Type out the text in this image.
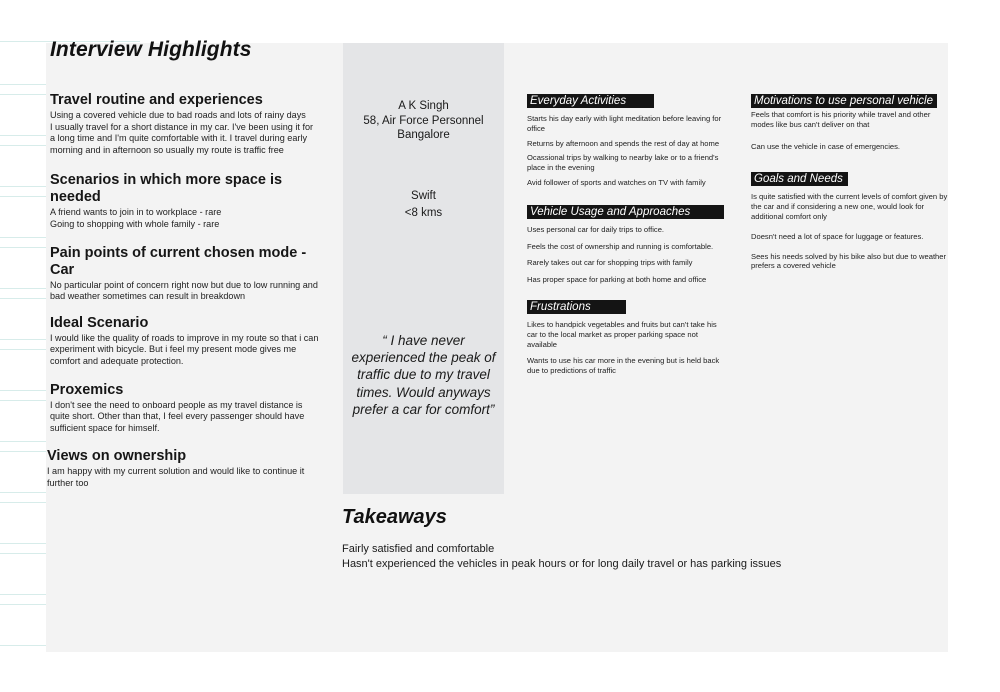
Interview Highlights
Travel routine and experiences

Using a covered vehicle due to bad roads and lots of rainy days

I usually travel for a short distance in my car. I've been using it for a long time and I'm quite comfortable with it. I travel during early morning and in afternoon so usually my route is traffic free

Scenarios in which more space is needed

A friend wants to join in to workplace - rare

Going to shopping with whole family - rare

Pain points of current chosen mode - Car

No particular point of concern right now but due to low running and bad weather sometimes can result in breakdown

Ideal Scenario

I would like the quality of roads to improve in my route so that i can experiment with bicycle. But i feel my present mode gives me comfort and adequate protection.

Proxemics

I don't see the need to onboard people as my travel distance is quite short. Other than that, I feel every passenger should have sufficient space for himself.

Views on ownership

I am happy with my current solution and would like to continue it further too

A K Singh
58, Air Force Personnel
Bangalore
Swift
<8 kms
“ I have never experienced the peak of traffic due to my travel times. Would anyways prefer a car for comfort”
Everyday Activities

Starts his day early with light meditation before leaving for office

Returns by afternoon and spends the rest of day at home

Ocassional trips by walking to nearby lake or to a friend's place in the evening

Avid follower of sports and watches on TV with family

Vehicle Usage and Approaches

Uses personal car for daily trips to office.

Feels the cost of ownership and running is comfortable.

Rarely takes out car for shopping trips with family

Has proper space for parking at both home and office

Frustrations

Likes to handpick vegetables and fruits but can't take his car to the local market as proper parking space not available

Wants to use his car more in the evening but is held back due to predictions of traffic

Motivations to use personal vehicle

Feels that comfort is his priority while travel and other modes like bus can't deliver on that

Can use the vehicle in case of emergencies.

Goals and Needs

Is quite satisfied with the current levels of comfort given by the car and if considering a new one, would look for additional comfort only

Doesn't need a lot of space for luggage or features.

Sees his needs solved by his bike also but due to weather prefers a covered vehicle

Takeaways
Fairly satisfied and comfortable
Hasn't experienced the vehicles in peak hours or for long daily travel or has parking issues
